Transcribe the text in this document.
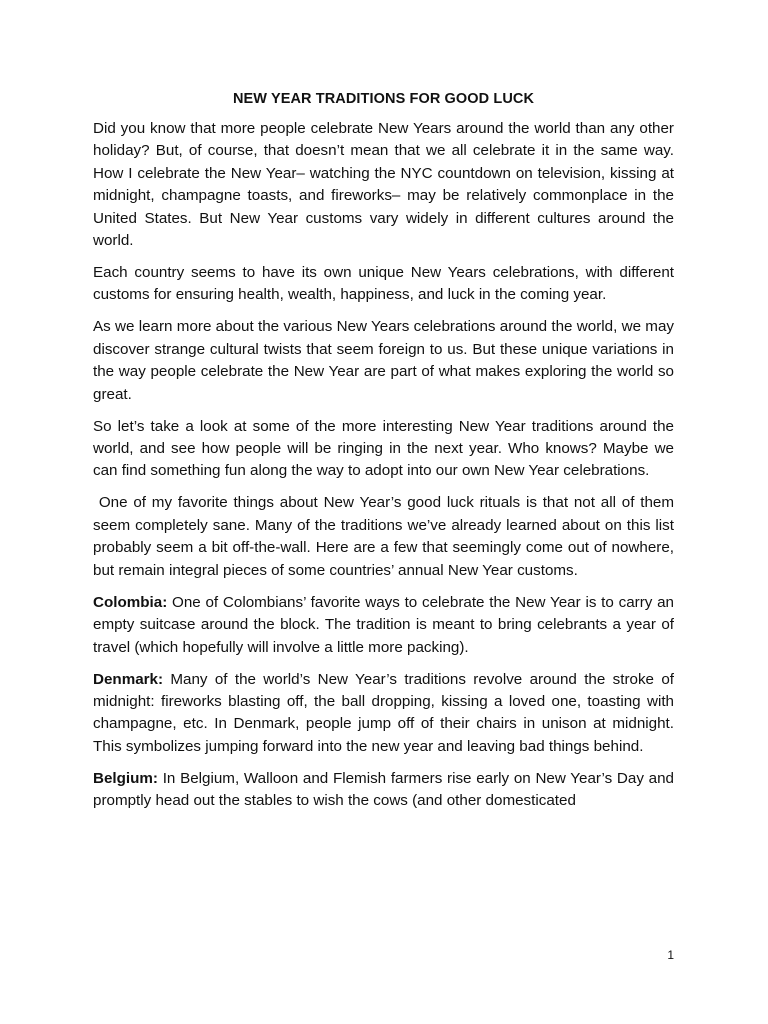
NEW YEAR TRADITIONS FOR GOOD LUCK

Did you know that more people celebrate New Years around the world than any other holiday? But, of course, that doesn’t mean that we all celebrate it in the same way. How I celebrate the New Year– watching the NYC countdown on television, kissing at midnight, champagne toasts, and fireworks– may be relatively commonplace in the United States. But New Year customs vary widely in different cultures around the world.

Each country seems to have its own unique New Years celebrations, with different customs for ensuring health, wealth, happiness, and luck in the coming year.

As we learn more about the various New Years celebrations around the world, we may discover strange cultural twists that seem foreign to us. But these unique variations in the way people celebrate the New Year are part of what makes exploring the world so great.

So let’s take a look at some of the more interesting New Year traditions around the world, and see how people will be ringing in the next year. Who knows? Maybe we can find something fun along the way to adopt into our own New Year celebrations.

One of my favorite things about New Year’s good luck rituals is that not all of them seem completely sane. Many of the traditions we’ve already learned about on this list probably seem a bit off-the-wall. Here are a few that seemingly come out of nowhere, but remain integral pieces of some countries’ annual New Year customs.

Colombia: One of Colombians’ favorite ways to celebrate the New Year is to carry an empty suitcase around the block. The tradition is meant to bring celebrants a year of travel (which hopefully will involve a little more packing).

Denmark: Many of the world’s New Year’s traditions revolve around the stroke of midnight: fireworks blasting off, the ball dropping, kissing a loved one, toasting with champagne, etc. In Denmark, people jump off of their chairs in unison at midnight. This symbolizes jumping forward into the new year and leaving bad things behind.

Belgium: In Belgium, Walloon and Flemish farmers rise early on New Year’s Day and promptly head out the stables to wish the cows (and other domesticated

1
